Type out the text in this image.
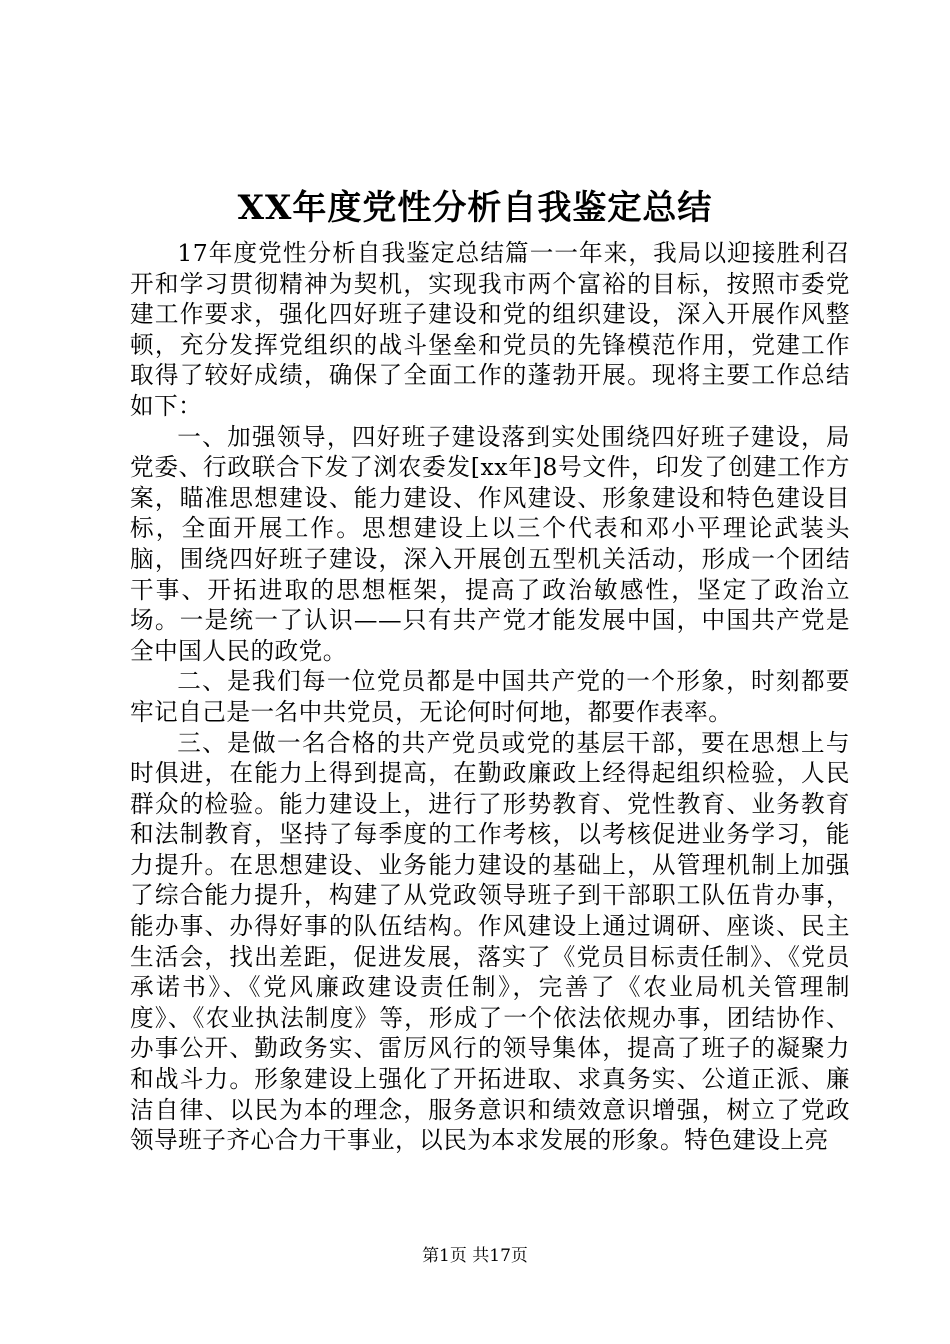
XX年度党性分析自我鉴定总结

17年度党性分析自我鉴定总结篇一一年来，我局以迎接胜利召开和学习贯彻精神为契机，实现我市两个富裕的目标，按照市委党建工作要求，强化四好班子建设和党的组织建设，深入开展作风整顿，充分发挥党组织的战斗堡垒和党员的先锋模范作用，党建工作取得了较好成绩，确保了全面工作的蓬勃开展。现将主要工作总结如下：

一、加强领导，四好班子建设落到实处围绕四好班子建设，局党委、行政联合下发了浏农委发[xx年]8号文件，印发了创建工作方案，瞄准思想建设、能力建设、作风建设、形象建设和特色建设目标，全面开展工作。思想建设上以三个代表和邓小平理论武装头脑，围绕四好班子建设，深入开展创五型机关活动，形成一个团结干事、开拓进取的思想框架，提高了政治敏感性，坚定了政治立场。一是统一了认识——只有共产党才能发展中国，中国共产党是全中国人民的政党。

二、是我们每一位党员都是中国共产党的一个形象，时刻都要牢记自己是一名中共党员，无论何时何地，都要作表率。

三、是做一名合格的共产党员或党的基层干部，要在思想上与时俱进，在能力上得到提高，在勤政廉政上经得起组织检验，人民群众的检验。能力建设上，进行了形势教育、党性教育、业务教育和法制教育，坚持了每季度的工作考核，以考核促进业务学习，能力提升。在思想建设、业务能力建设的基础上，从管理机制上加强了综合能力提升，构建了从党政领导班子到干部职工队伍肯办事，能办事、办得好事的队伍结构。作风建设上通过调研、座谈、民主生活会，找出差距，促进发展，落实了《党员目标责任制》、《党员承诺书》、《党风廉政建设责任制》，完善了《农业局机关管理制度》、《农业执法制度》等，形成了一个依法依规办事，团结协作、办事公开、勤政务实、雷厉风行的领导集体，提高了班子的凝聚力和战斗力。形象建设上强化了开拓进取、求真务实、公道正派、廉洁自律、以民为本的理念，服务意识和绩效意识增强，树立了党政领导班子齐心合力干事业，以民为本求发展的形象。特色建设上亮

第1页 共17页
